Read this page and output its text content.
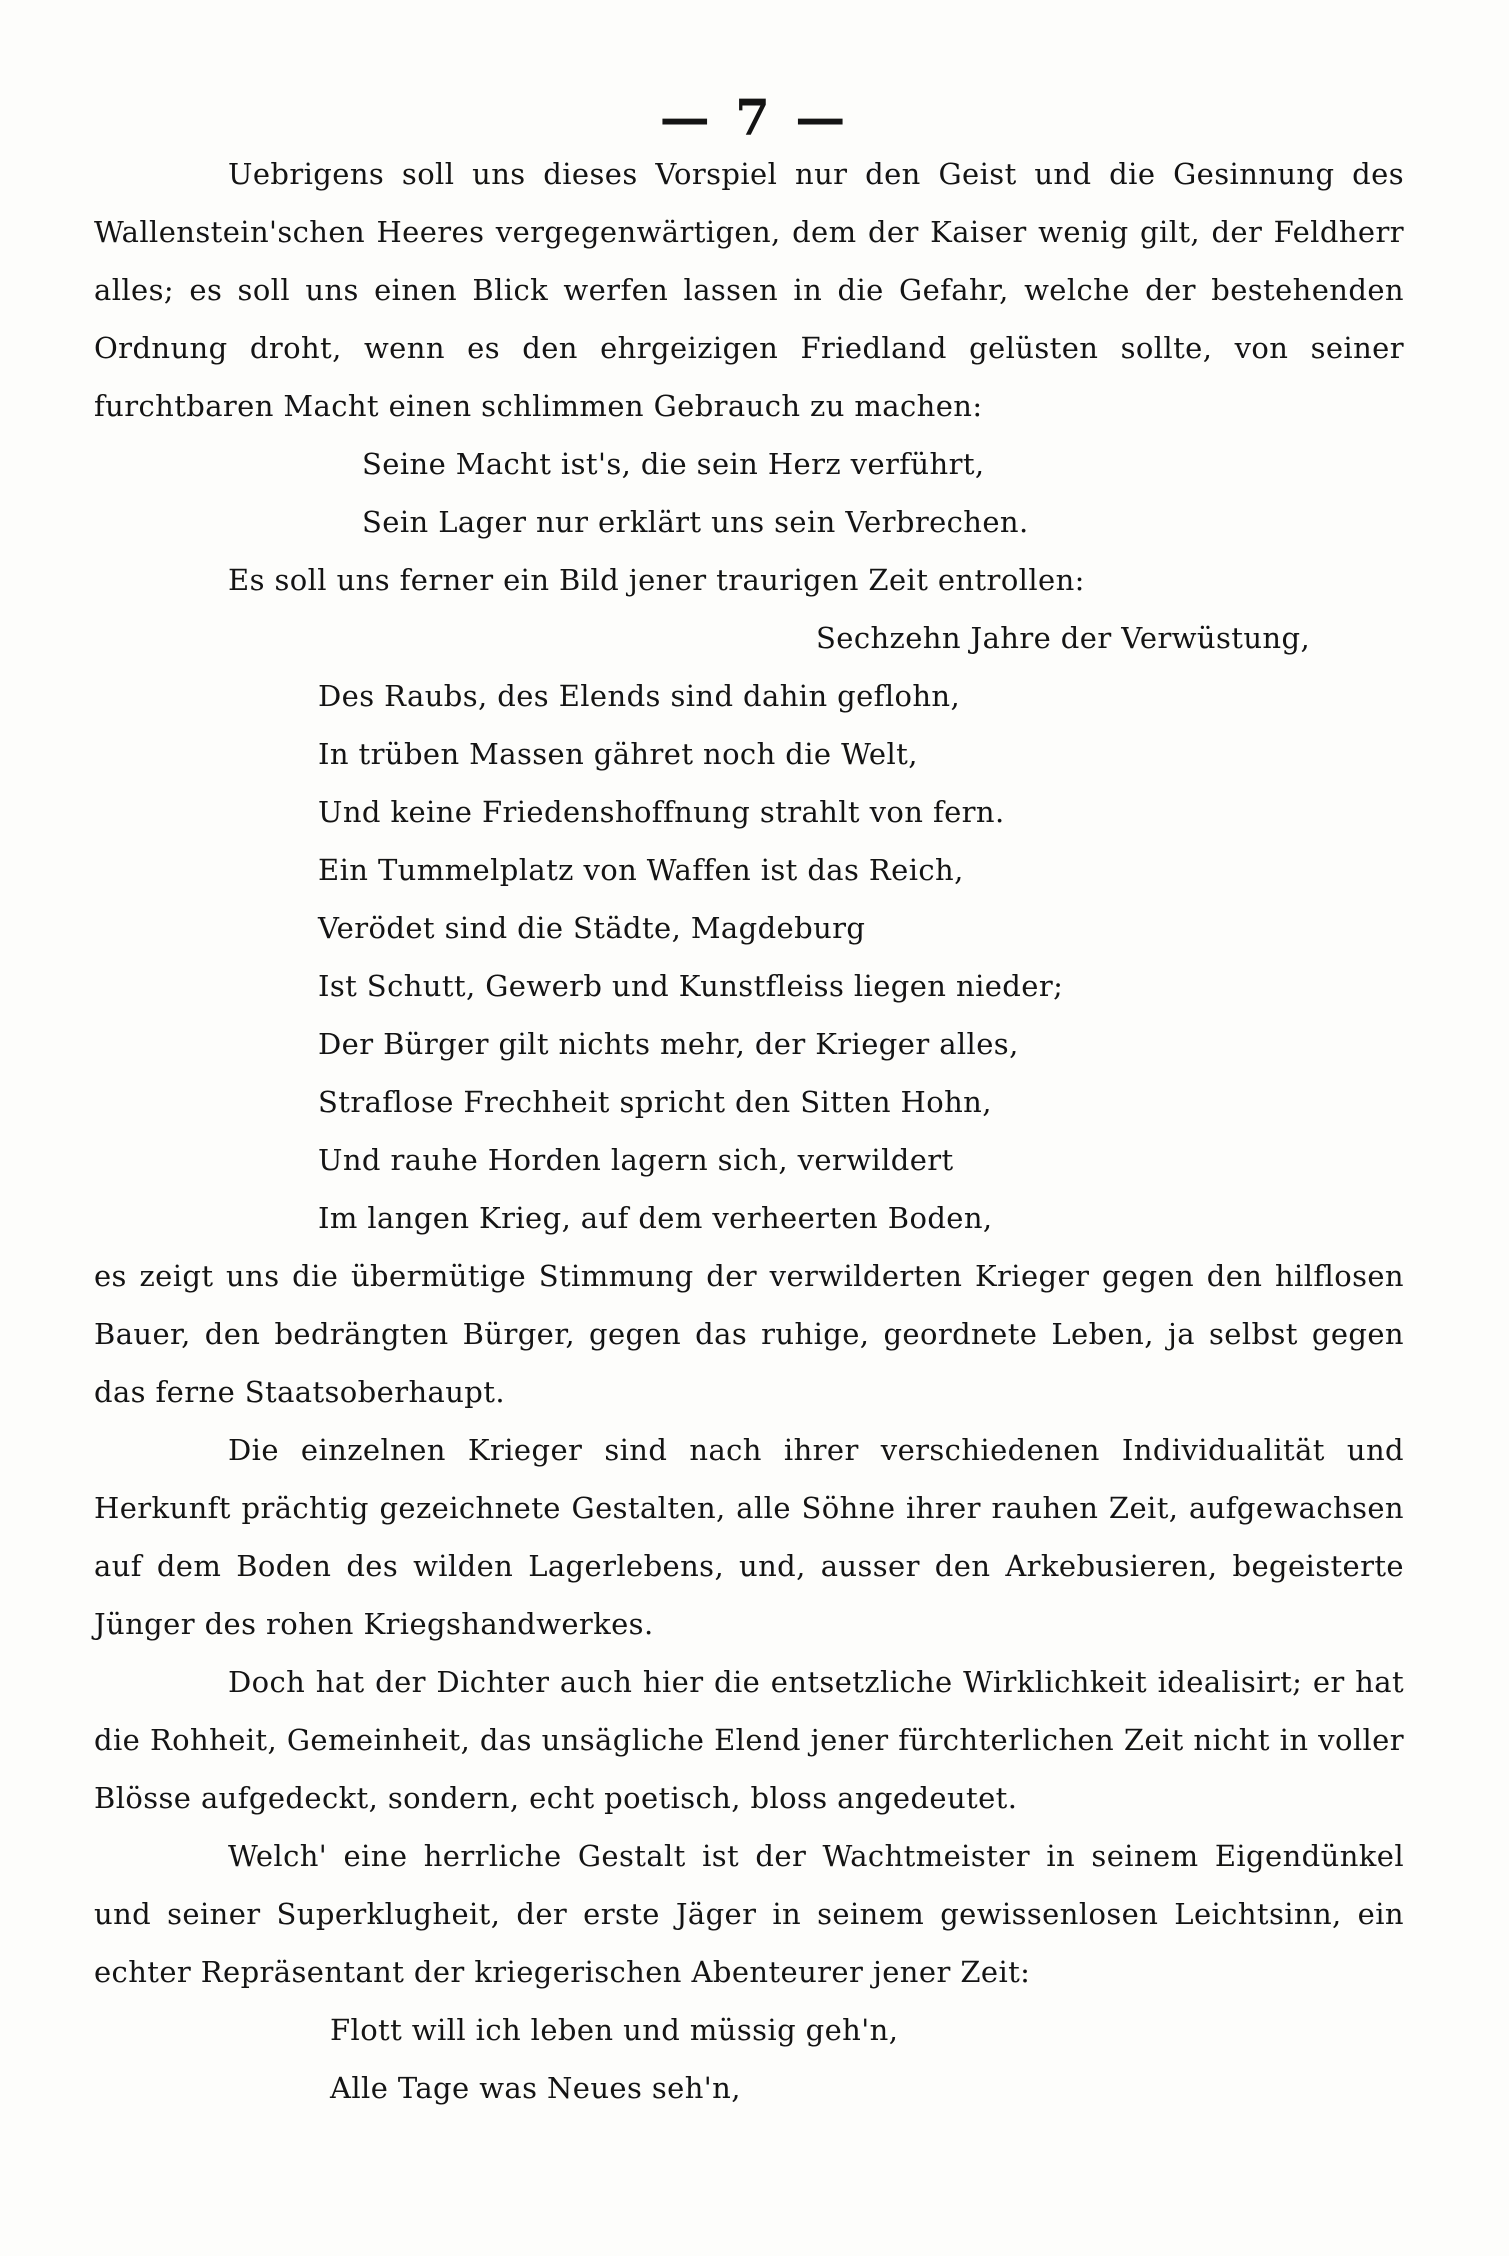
— 7 —

Uebrigens soll uns dieses Vorspiel nur den Geist und die Gesinnung des Wallenstein'schen Heeres vergegenwärtigen, dem der Kaiser wenig gilt, der Feldherr alles; es soll uns einen Blick werfen lassen in die Gefahr, welche der bestehenden Ordnung droht, wenn es den ehrgeizigen Friedland gelüsten sollte, von seiner furchtbaren Macht einen schlimmen Gebrauch zu machen:

Seine Macht ist's, die sein Herz verführt,

Sein Lager nur erklärt uns sein Verbrechen.

Es soll uns ferner ein Bild jener traurigen Zeit entrollen:

Sechzehn Jahre der Verwüstung,

Des Raubs, des Elends sind dahin geflohn,

In trüben Massen gähret noch die Welt,

Und keine Friedenshoffnung strahlt von fern.

Ein Tummelplatz von Waffen ist das Reich,

Verödet sind die Städte, Magdeburg

Ist Schutt, Gewerb und Kunstfleiss liegen nieder;

Der Bürger gilt nichts mehr, der Krieger alles,

Straflose Frechheit spricht den Sitten Hohn,

Und rauhe Horden lagern sich, verwildert

Im langen Krieg, auf dem verheerten Boden,

es zeigt uns die übermütige Stimmung der verwilderten Krieger gegen den hilflosen Bauer, den bedrängten Bürger, gegen das ruhige, geordnete Leben, ja selbst gegen das ferne Staatsoberhaupt.

Die einzelnen Krieger sind nach ihrer verschiedenen Individualität und Herkunft prächtig gezeichnete Gestalten, alle Söhne ihrer rauhen Zeit, aufgewachsen auf dem Boden des wilden Lagerlebens, und, ausser den Arkebusieren, begeisterte Jünger des rohen Kriegshandwerkes.

Doch hat der Dichter auch hier die entsetzliche Wirklichkeit idealisirt; er hat die Rohheit, Gemeinheit, das unsägliche Elend jener fürchterlichen Zeit nicht in voller Blösse aufgedeckt, sondern, echt poetisch, bloss angedeutet.

Welch' eine herrliche Gestalt ist der Wachtmeister in seinem Eigendünkel und seiner Superklugheit, der erste Jäger in seinem gewissenlosen Leichtsinn, ein echter Repräsentant der kriegerischen Abenteurer jener Zeit:

Flott will ich leben und müssig geh'n,

Alle Tage was Neues seh'n,
